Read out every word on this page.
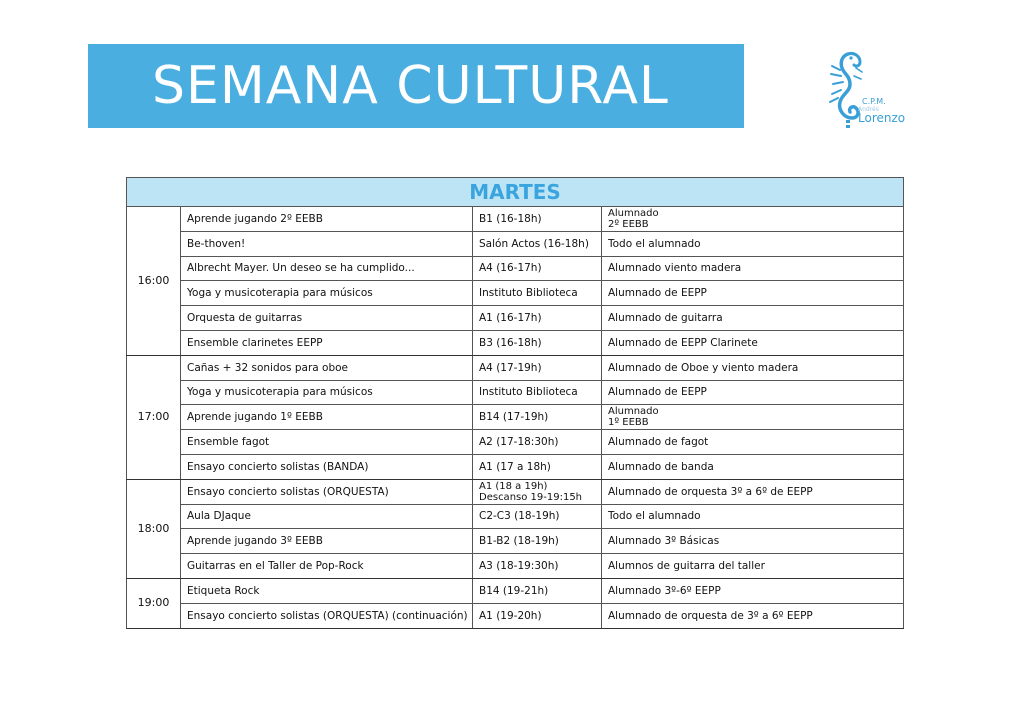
SEMANA CULTURAL	C.P.M.
Andrés
Lorenzo
MARTES			
16:00	Aprende jugando 2º EEBB	B1 (16-18h)	Alumnado
2º EEBB

	Be-thoven!	Salón Actos (16-18h)	Todo el alumnado
	Albrecht Mayer. Un deseo se ha cumplido...	A4 (16-17h)	Alumnado viento madera
	Yoga y musicoterapia para músicos	Instituto Biblioteca	Alumnado de EEPP
	Orquesta de guitarras	A1 (16-17h)	Alumnado de guitarra
	Ensemble clarinetes EEPP	B3 (16-18h)	Alumnado de EEPP Clarinete
17:00	Cañas + 32 sonidos para oboe	A4 (17-19h)	Alumnado de Oboe y viento madera
	Yoga y musicoterapia para músicos	Instituto Biblioteca	Alumnado de EEPP
	Aprende jugando 1º EEBB	B14 (17-19h)	Alumnado
1º EEBB

	Ensemble fagot	A2 (17-18:30h)	Alumnado de fagot
	Ensayo concierto solistas (BANDA)	A1 (17 a 18h)	Alumnado de banda
18:00	Ensayo concierto solistas (ORQUESTA)	A1 (18 a 19h)
Descanso 19-19:15h	Alumnado de orquesta 3º a 6º de EEPP
	Aula DJaque	C2-C3 (18-19h)	Todo el alumnado
	Aprende jugando 3º EEBB	B1-B2 (18-19h)	Alumnado 3º Básicas
	Guitarras en el Taller de Pop-Rock	A3 (18-19:30h)	Alumnos de guitarra del taller
19:00	Etiqueta Rock	B14 (19-21h)	Alumnado 3º-6º EEPP
	Ensayo concierto solistas (ORQUESTA) (continuación)	A1 (19-20h)	Alumnado de orquesta de 3º a 6º EEPP
